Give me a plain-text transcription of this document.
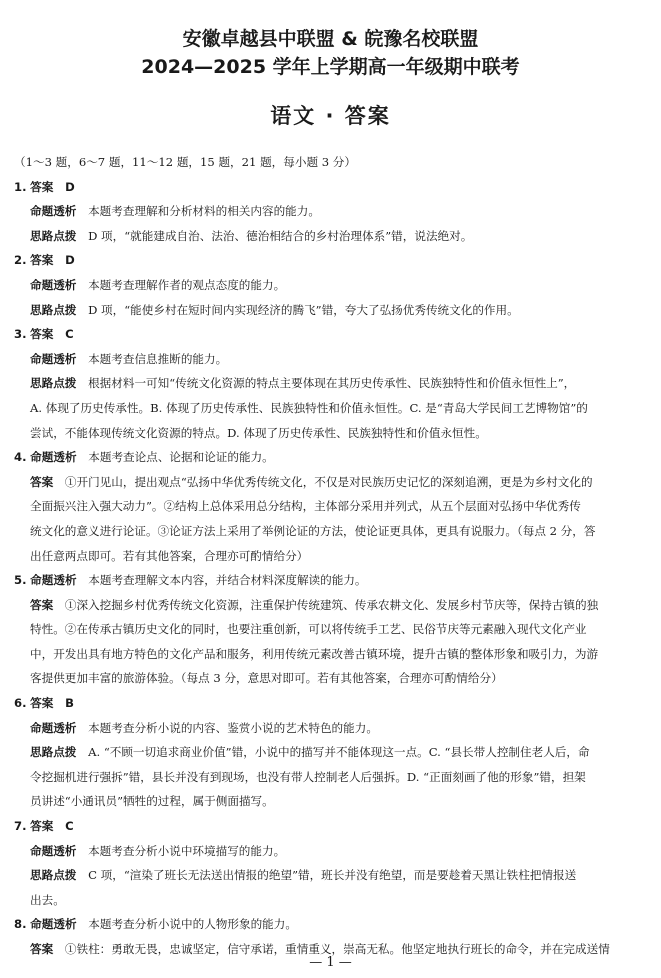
安徽卓越县中联盟 & 皖豫名校联盟
2024—2025 学年上学期高一年级期中联考
语文 · 答案
（1～3 题，6～7 题，11～12 题，15 题，21 题，每小题 3 分）
1. 答案 D
命题透析 本题考查理解和分析材料的相关内容的能力。
思路点拨 D 项，“就能建成自治、法治、德治相结合的乡村治理体系”错，说法绝对。
2. 答案 D
命题透析 本题考查理解作者的观点态度的能力。
思路点拨 D 项，“能使乡村在短时间内实现经济的腾飞”错，夸大了弘扬优秀传统文化的作用。
3. 答案 C
命题透析 本题考查信息推断的能力。
思路点拨 根据材料一可知“传统文化资源的特点主要体现在其历史传承性、民族独特性和价值永恒性上”，
A. 体现了历史传承性。B. 体现了历史传承性、民族独特性和价值永恒性。C. 是“青岛大学民间工艺博物馆”的
尝试，不能体现传统文化资源的特点。D. 体现了历史传承性、民族独特性和价值永恒性。
4. 命题透析 本题考查论点、论据和论证的能力。
答案 ①开门见山，提出观点“弘扬中华优秀传统文化，不仅是对民族历史记忆的深刻追溯，更是为乡村文化的
全面振兴注入强大动力”。②结构上总体采用总分结构，主体部分采用并列式，从五个层面对弘扬中华优秀传
统文化的意义进行论证。③论证方法上采用了举例论证的方法，使论证更具体，更具有说服力。（每点 2 分，答
出任意两点即可。若有其他答案，合理亦可酌情给分）
5. 命题透析 本题考查理解文本内容，并结合材料深度解读的能力。
答案 ①深入挖掘乡村优秀传统文化资源，注重保护传统建筑、传承农耕文化、发展乡村节庆等，保持古镇的独
特性。②在传承古镇历史文化的同时，也要注重创新，可以将传统手工艺、民俗节庆等元素融入现代文化产业
中，开发出具有地方特色的文化产品和服务，利用传统元素改善古镇环境，提升古镇的整体形象和吸引力，为游
客提供更加丰富的旅游体验。（每点 3 分，意思对即可。若有其他答案，合理亦可酌情给分）
6. 答案 B
命题透析 本题考查分析小说的内容、鉴赏小说的艺术特色的能力。
思路点拨 A. “不顾一切追求商业价值”错，小说中的描写并不能体现这一点。C. “县长带人控制住老人后，命
令挖掘机进行强拆”错，县长并没有到现场，也没有带人控制老人后强拆。D. “正面刻画了他的形象”错，担架
员讲述“小通讯员”牺牲的过程，属于侧面描写。
7. 答案 C
命题透析 本题考查分析小说中环境描写的能力。
思路点拨 C 项，“渲染了班长无法送出情报的绝望”错，班长并没有绝望，而是要趁着天黑让铁柱把情报送
出去。
8. 命题透析 本题考查分析小说中的人物形象的能力。
答案 ①铁柱：勇敢无畏，忠诚坚定，信守承诺，重情重义，崇高无私。他坚定地执行班长的命令，并在完成送情
— 1 —
